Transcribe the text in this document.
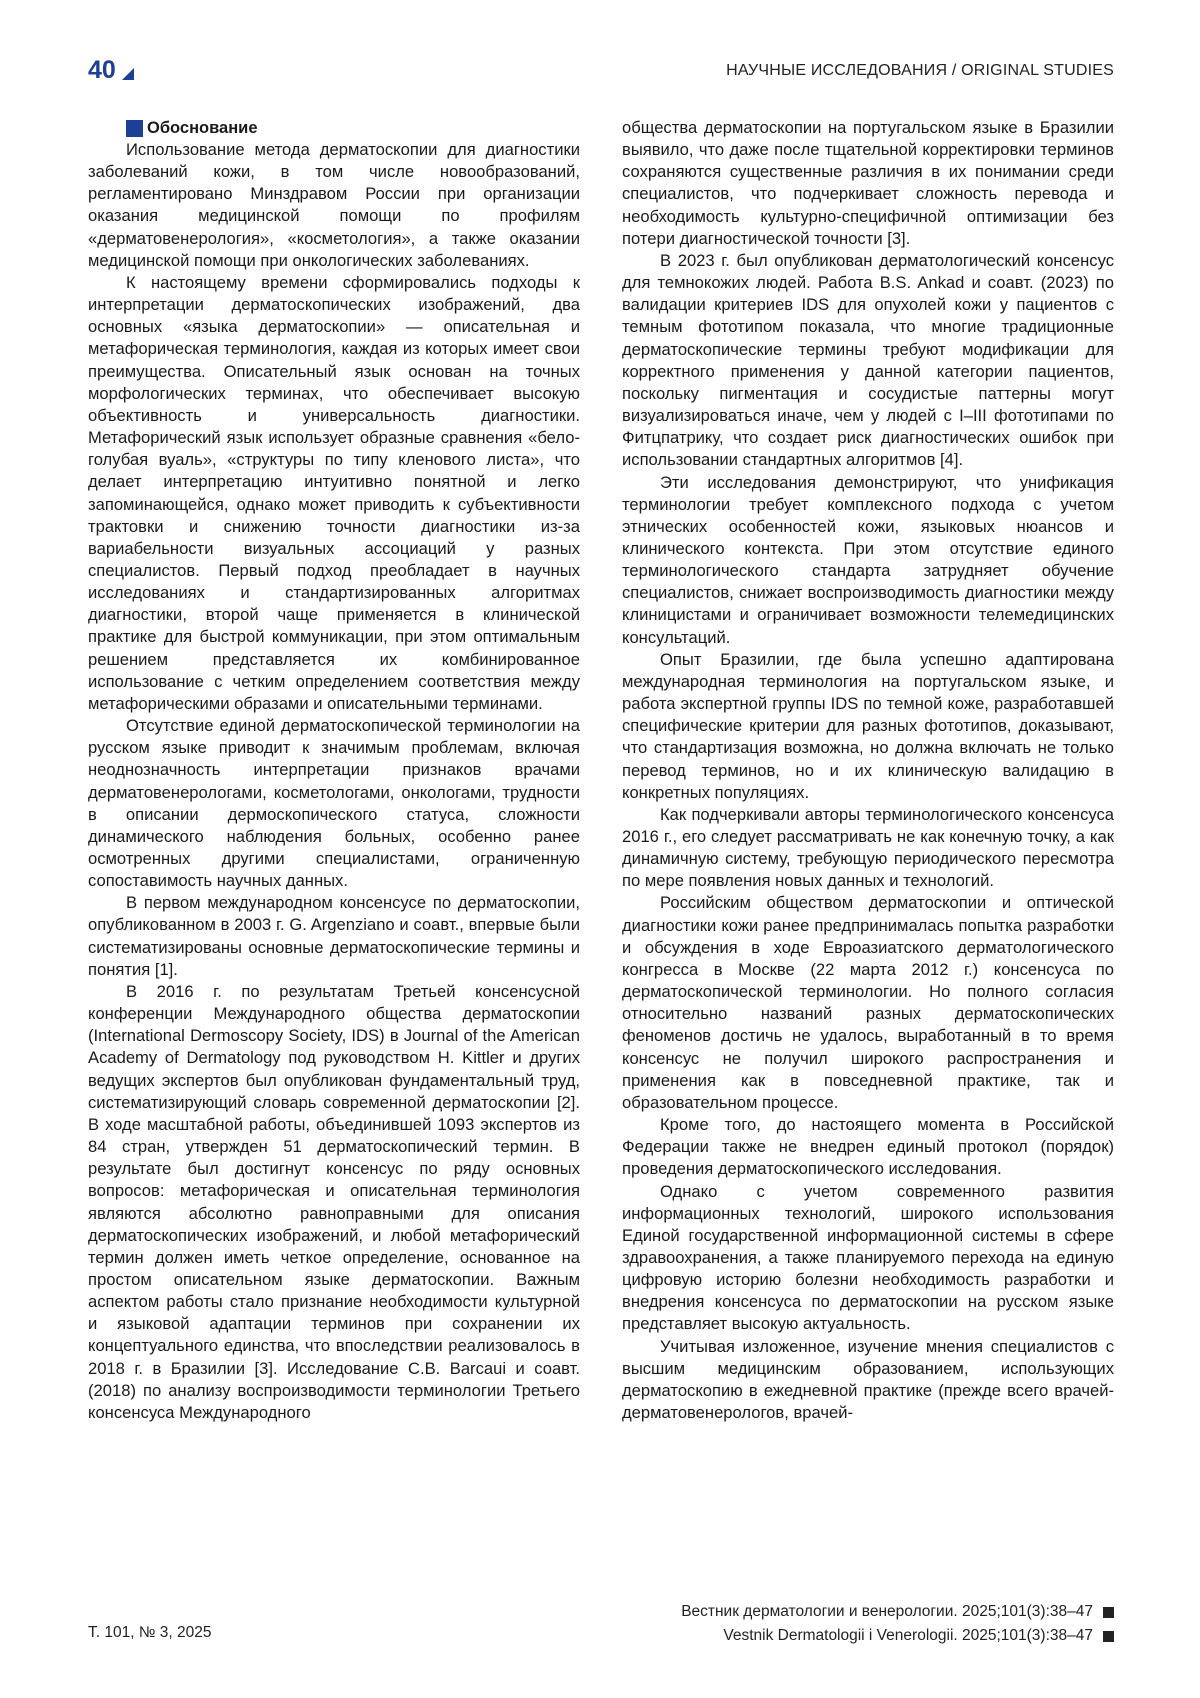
40	НАУЧНЫЕ ИССЛЕДОВАНИЯ / ORIGINAL STUDIES
Обоснование

Использование метода дерматоскопии для диагностики заболеваний кожи, в том числе новообразований, регламентировано Минздравом России при организации оказания медицинской помощи по профилям «дерматовенерология», «косметология», а также оказании медицинской помощи при онкологических заболеваниях.

К настоящему времени сформировались подходы к интерпретации дерматоскопических изображений, два основных «языка дерматоскопии» — описательная и метафорическая терминология, каждая из которых имеет свои преимущества. Описательный язык основан на точных морфологических терминах, что обеспечивает высокую объективность и универсальность диагностики. Метафорический язык использует образные сравнения «бело-голубая вуаль», «структуры по типу кленового листа», что делает интерпретацию интуитивно понятной и легко запоминающейся, однако может приводить к субъективности трактовки и снижению точности диагностики из-за вариабельности визуальных ассоциаций у разных специалистов. Первый подход преобладает в научных исследованиях и стандартизированных алгоритмах диагностики, второй чаще применяется в клинической практике для быстрой коммуникации, при этом оптимальным решением представляется их комбинированное использование с четким определением соответствия между метафорическими образами и описательными терминами.

Отсутствие единой дерматоскопической терминологии на русском языке приводит к значимым проблемам, включая неоднозначность интерпретации признаков врачами дерматовенерологами, косметологами, онкологами, трудности в описании дермоскопического статуса, сложности динамического наблюдения больных, особенно ранее осмотренных другими специалистами, ограниченную сопоставимость научных данных.

В первом международном консенсусе по дерматоскопии, опубликованном в 2003 г. G. Argenziano и соавт., впервые были систематизированы основные дерматоскопические термины и понятия [1].

В 2016 г. по результатам Третьей консенсусной конференции Международного общества дерматоскопии (International Dermoscopy Society, IDS) в Journal of the American Academy of Dermatology под руководством H. Kittler и других ведущих экспертов был опубликован фундаментальный труд, систематизирующий словарь современной дерматоскопии [2]. В ходе масштабной работы, объединившей 1093 экспертов из 84 стран, утвержден 51 дерматоскопический термин. В результате был достигнут консенсус по ряду основных вопросов: метафорическая и описательная терминология являются абсолютно равноправными для описания дерматоскопических изображений, и любой метафорический термин должен иметь четкое определение, основанное на простом описательном языке дерматоскопии. Важным аспектом работы стало признание необходимости культурной и языковой адаптации терминов при сохранении их концептуального единства, что впоследствии реализовалось в 2018 г. в Бразилии [3]. Исследование C.B. Barcaui и соавт. (2018) по анализу воспроизводимости терминологии Третьего консенсуса Международного

общества дерматоскопии на португальском языке в Бразилии выявило, что даже после тщательной корректировки терминов сохраняются существенные различия в их понимании среди специалистов, что подчеркивает сложность перевода и необходимость культурно-специфичной оптимизации без потери диагностической точности [3].

В 2023 г. был опубликован дерматологический консенсус для темнокожих людей. Работа B.S. Ankad и соавт. (2023) по валидации критериев IDS для опухолей кожи у пациентов с темным фототипом показала, что многие традиционные дерматоскопические термины требуют модификации для корректного применения у данной категории пациентов, поскольку пигментация и сосудистые паттерны могут визуализироваться иначе, чем у людей с I–III фототипами по Фитцпатрику, что создает риск диагностических ошибок при использовании стандартных алгоритмов [4].

Эти исследования демонстрируют, что унификация терминологии требует комплексного подхода с учетом этнических особенностей кожи, языковых нюансов и клинического контекста. При этом отсутствие единого терминологического стандарта затрудняет обучение специалистов, снижает воспроизводимость диагностики между клиницистами и ограничивает возможности телемедицинских консультаций.

Опыт Бразилии, где была успешно адаптирована международная терминология на португальском языке, и работа экспертной группы IDS по темной коже, разработавшей специфические критерии для разных фототипов, доказывают, что стандартизация возможна, но должна включать не только перевод терминов, но и их клиническую валидацию в конкретных популяциях.

Как подчеркивали авторы терминологического консенсуса 2016 г., его следует рассматривать не как конечную точку, а как динамичную систему, требующую периодического пересмотра по мере появления новых данных и технологий.

Российским обществом дерматоскопии и оптической диагностики кожи ранее предпринималась попытка разработки и обсуждения в ходе Евроазиатского дерматологического конгресса в Москве (22 марта 2012 г.) консенсуса по дерматоскопической терминологии. Но полного согласия относительно названий разных дерматоскопических феноменов достичь не удалось, выработанный в то время консенсус не получил широкого распространения и применения как в повседневной практике, так и образовательном процессе.

Кроме того, до настоящего момента в Российской Федерации также не внедрен единый протокол (порядок) проведения дерматоскопического исследования.

Однако с учетом современного развития информационных технологий, широкого использования Единой государственной информационной системы в сфере здравоохранения, а также планируемого перехода на единую цифровую историю болезни необходимость разработки и внедрения консенсуса по дерматоскопии на русском языке представляет высокую актуальность.

Учитывая изложенное, изучение мнения специалистов с высшим медицинским образованием, использующих дерматоскопию в ежедневной практике (прежде всего врачей-дерматовенерологов, врачей-

Т. 101, № 3, 2025
Вестник дерматологии и венерологии. 2025;101(3):38–47
Vestnik Dermatologii i Venerologii. 2025;101(3):38–47
